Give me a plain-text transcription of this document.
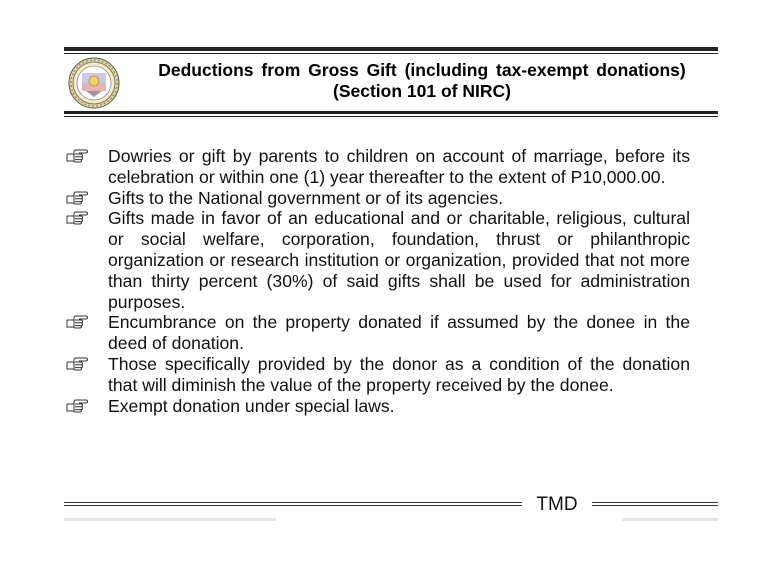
Deductions from Gross Gift (including tax-exempt donations)
(Section 101 of NIRC)
Dowries or gift by parents to children on account of marriage, before its celebration or within one (1) year thereafter to the extent of P10,000.00.
Gifts to the National government or of its agencies.
Gifts made in favor of an educational and or charitable, religious, cultural or social welfare, corporation, foundation, thrust or philanthropic organization or research institution or organization, provided that not more than thirty percent (30%) of said gifts shall be used for administration purposes.
Encumbrance on the property donated if assumed by the donee in the deed of donation.
Those specifically provided by the donor as a condition of the donation that will diminish the value of the property received by the donee.
Exempt donation under special laws.
TMD
